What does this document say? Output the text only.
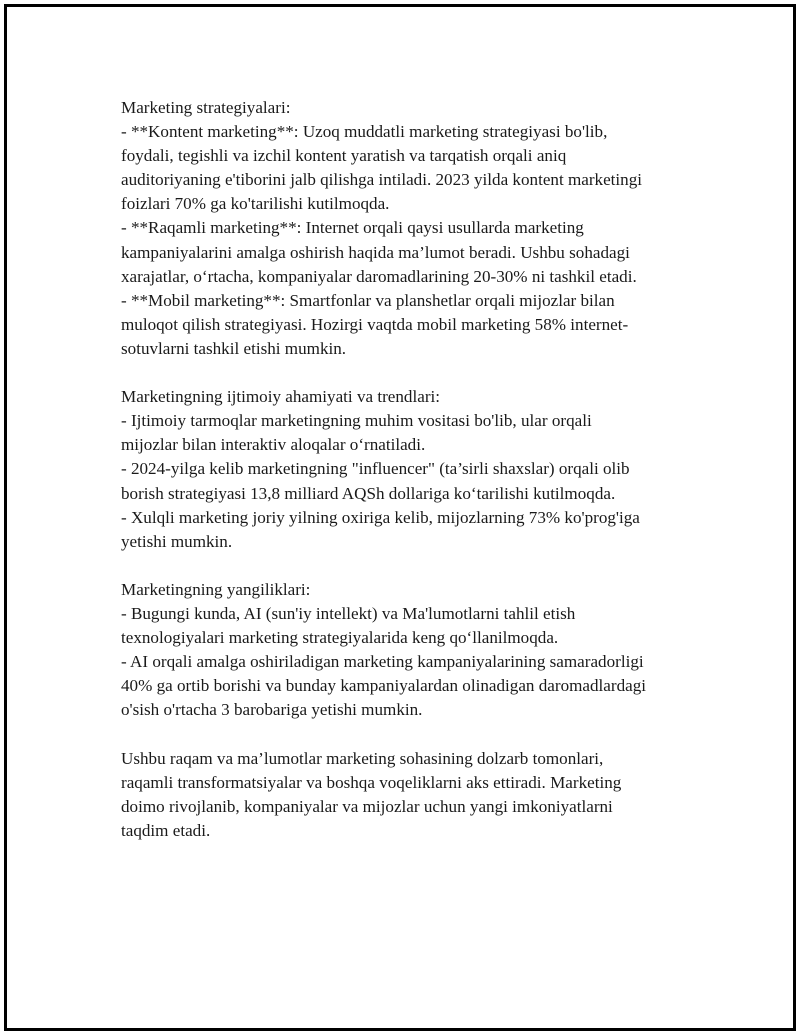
Marketing strategiyalari:
- **Kontent marketing**: Uzoq muddatli marketing strategiyasi bo'lib,
foydali, tegishli va izchil kontent yaratish va tarqatish orqali aniq
auditoriyaning e'tiborini jalb qilishga intiladi. 2023 yilda kontent marketingi
foizlari 70% ga ko'tarilishi kutilmoqda.
- **Raqamli marketing**: Internet orqali qaysi usullarda marketing
kampaniyalarini amalga oshirish haqida ma’lumot beradi. Ushbu sohadagi
xarajatlar, o‘rtacha, kompaniyalar daromadlarining 20-30% ni tashkil etadi.
- **Mobil marketing**: Smartfonlar va planshetlar orqali mijozlar bilan
muloqot qilish strategiyasi. Hozirgi vaqtda mobil marketing 58% internet-
sotuvlarni tashkil etishi mumkin.
Marketingning ijtimoiy ahamiyati va trendlari:
- Ijtimoiy tarmoqlar marketingning muhim vositasi bo'lib, ular orqali
mijozlar bilan interaktiv aloqalar o‘rnatiladi.
- 2024-yilga kelib marketingning "influencer" (ta’sirli shaxslar) orqali olib
borish strategiyasi 13,8 milliard AQSh dollariga ko‘tarilishi kutilmoqda.
- Xulqli marketing joriy yilning oxiriga kelib, mijozlarning 73% ko'prog'iga
yetishi mumkin.
Marketingning yangiliklari:
- Bugungi kunda, AI (sun'iy intellekt) va Ma'lumotlarni tahlil etish
texnologiyalari marketing strategiyalarida keng qo‘llanilmoqda.
- AI orqali amalga oshiriladigan marketing kampaniyalarining samaradorligi
40% ga ortib borishi va bunday kampaniyalardan olinadigan daromadlardagi
o'sish o'rtacha 3 barobariga yetishi mumkin.
Ushbu raqam va ma’lumotlar marketing sohasining dolzarb tomonlari,
raqamli transformatsiyalar va boshqa voqeliklarni aks ettiradi. Marketing
doimo rivojlanib, kompaniyalar va mijozlar uchun yangi imkoniyatlarni
taqdim etadi.
